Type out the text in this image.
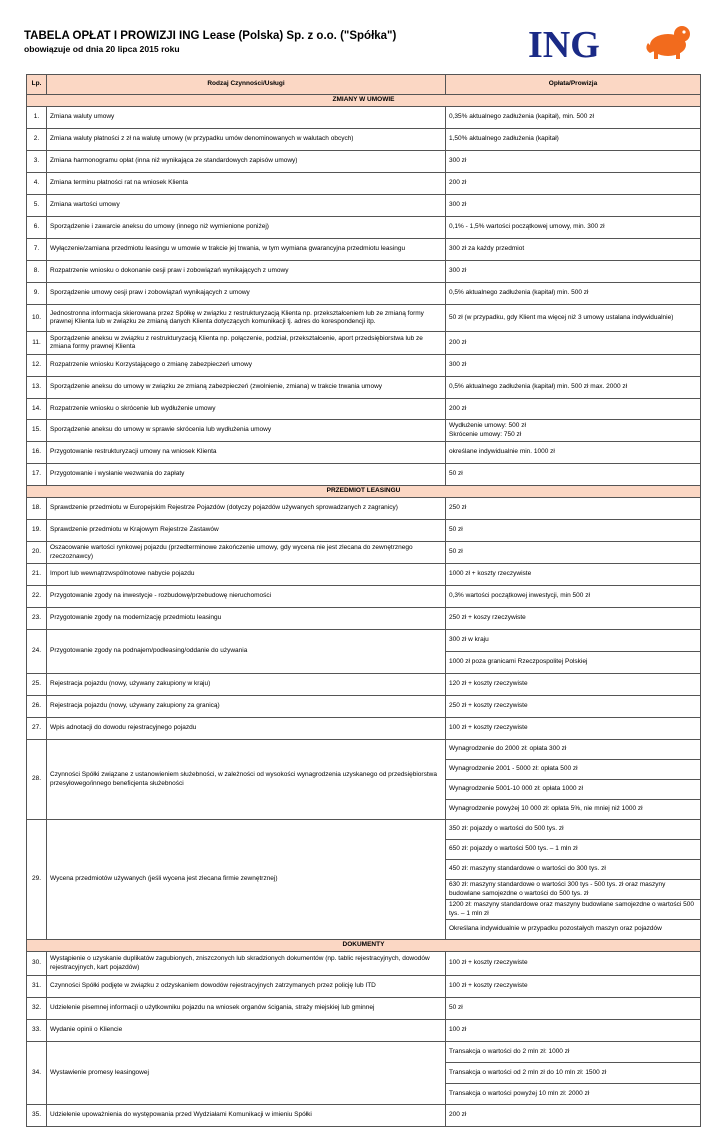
TABELA OPŁAT I PROWIZJI ING Lease (Polska) Sp. z o.o. ("Spółka")
obowiązuje od dnia 20 lipca 2015 roku	ING
Lp.	Rodzaj Czynności/Usługi	Opłata/Prowizja
ZMIANY W UMOWIE		
1.	Zmiana waluty umowy	0,35% aktualnego zadłużenia (kapitał), min. 500 zł
2.	Zmiana waluty płatności z zł na walutę umowy (w przypadku umów denominowanych w walutach obcych)	1,50% aktualnego zadłużenia (kapitał)
3.	Zmiana harmonogramu opłat (inna niż wynikająca ze standardowych zapisów umowy)	300 zł
4.	Zmiana terminu płatności rat na wniosek Klienta	200 zł
5.	Zmiana wartości umowy	300 zł
6.	Sporządzenie i zawarcie aneksu do umowy (innego niż wymienione poniżej)	0,1% - 1,5% wartości początkowej umowy, min. 300 zł
7.	Wyłączenie/zamiana przedmiotu leasingu w umowie w trakcie jej trwania, w tym wymiana gwarancyjna przedmiotu leasingu	300 zł za każdy przedmiot
8.	Rozpatrzenie wniosku o dokonanie cesji praw i zobowiązań wynikających z umowy	300 zł
9.	Sporządzenie umowy cesji praw i zobowiązań wynikających z umowy	0,5% aktualnego zadłużenia (kapitał) min. 500 zł
10.	Jednostronna informacja skierowana przez Spółkę w związku z restrukturyzacją Klienta np. przekształceniem lub ze zmianą formy prawnej Klienta lub w związku ze zmianą danych Klienta dotyczących komunikacji tj. adres do korespondencji itp.	50 zł (w przypadku, gdy Klient ma więcej niż 3 umowy ustalana indywidualnie)
11.	Sporządzenie aneksu w związku z restrukturyzacją Klienta np. połączenie, podział, przekształcenie, aport przedsiębiorstwa lub ze zmiana formy prawnej Klienta	200 zł
12.	Rozpatrzenie wniosku Korzystającego o zmianę zabezpieczeń umowy	300 zł
13.	Sporządzenie aneksu do umowy w związku ze zmianą zabezpieczeń (zwolnienie, zmiana) w trakcie trwania umowy	0,5% aktualnego zadłużenia (kapitał) min. 500 zł max. 2000 zł
14.	Rozpatrzenie wniosku o skrócenie lub wydłużenie umowy	200 zł
15.	Sporządzenie aneksu do umowy w sprawie skrócenia lub wydłużenia umowy	Wydłużenie umowy: 500 zł
Skrócenie umowy: 750 zł
16.	Przygotowanie restrukturyzacji umowy na wniosek Klienta	określane indywidualnie min. 1000 zł
17.	Przygotowanie i wysłanie wezwania do zapłaty	50 zł
PRZEDMIOT LEASINGU		
18.	Sprawdzenie przedmiotu w Europejskim Rejestrze Pojazdów (dotyczy pojazdów używanych sprowadzanych z zagranicy)	250 zł
19.	Sprawdzenie przedmiotu w Krajowym Rejestrze Zastawów	50 zł
20.	Oszacowanie wartości rynkowej pojazdu (przedterminowe zakończenie umowy, gdy wycena nie jest zlecana do zewnętrznego rzeczoznawcy)	50 zł
21.	Import lub wewnątrzwspólnotowe nabycie pojazdu	1000 zł + koszty rzeczywiste
22.	Przygotowanie zgody na inwestycje - rozbudowę/przebudowę nieruchomości	0,3% wartości początkowej inwestycji, min 500 zł
23.	Przygotowanie zgody na modernizację przedmiotu leasingu	250 zł + koszy rzeczywiste
24.	Przygotowanie zgody na podnajem/podleasing/oddanie do używania	300 zł w kraju
		1000 zł poza granicami Rzeczpospolitej Polskiej
25.	Rejestracja pojazdu (nowy, używany zakupiony w kraju)	120 zł + koszty rzeczywiste
26.	Rejestracja pojazdu (nowy, używany zakupiony za granicą)	250 zł + koszty rzeczywiste
27.	Wpis adnotacji do dowodu rejestracyjnego pojazdu	100 zł + koszty rzeczywiste
28.	Czynności Spółki związane z ustanowieniem służebności, w zależności od wysokości wynagrodzenia uzyskanego od przedsiębiorstwa przesyłowego/innego beneficjenta służebności	Wynagrodzenie do 2000 zł: opłata 300 zł
		Wynagrodzenie 2001 - 5000 zł: opłata 500 zł
		Wynagrodzenie 5001-10 000 zł: opłata 1000 zł
		Wynagrodzenie powyżej 10 000 zł: opłata 5%, nie mniej niż 1000 zł
29.	Wycena przedmiotów używanych (jeśli wycena jest zlecana firmie zewnętrznej)	350 zł: pojazdy o wartości do 500 tys. zł
		650 zł: pojazdy o wartości 500 tys. – 1 mln zł
		450 zł: maszyny standardowe o wartości do 300 tys. zł
		630 zł: maszyny standardowe o wartości 300 tys - 500 tys. zł oraz maszyny budowlane samojezdne o wartości do 500 tys. zł
		1200 zł: maszyny standardowe oraz maszyny budowlane samojezdne o wartości 500 tys. – 1 mln zł
		Określana indywidualnie w przypadku pozostałych maszyn oraz pojazdów
DOKUMENTY		
30.	Wystąpienie o uzyskanie duplikatów zagubionych, zniszczonych lub skradzionych dokumentów (np. tablic rejestracyjnych, dowodów rejestracyjnych, kart pojazdów)	100 zł + koszty rzeczywiste
31.	Czynności Spółki podjęte w związku z odzyskaniem dowodów rejestracyjnych zatrzymanych przez policję lub ITD	100 zł + koszty rzeczywiste
32.	Udzielenie pisemnej informacji o użytkowniku pojazdu na wniosek organów ścigania, straży miejskiej lub gminnej	50 zł
33.	Wydanie opinii o Kliencie	100 zł
34.	Wystawienie promesy leasingowej	Transakcja o wartości do 2 mln zł: 1000 zł
		Transakcja o wartości od 2 mln zł do 10 mln zł: 1500 zł
		Transakcja o wartości powyżej 10 mln zł: 2000 zł
35.	Udzielenie upoważnienia do występowania przed Wydziałami Komunikacji w imieniu Spółki	200 zł
